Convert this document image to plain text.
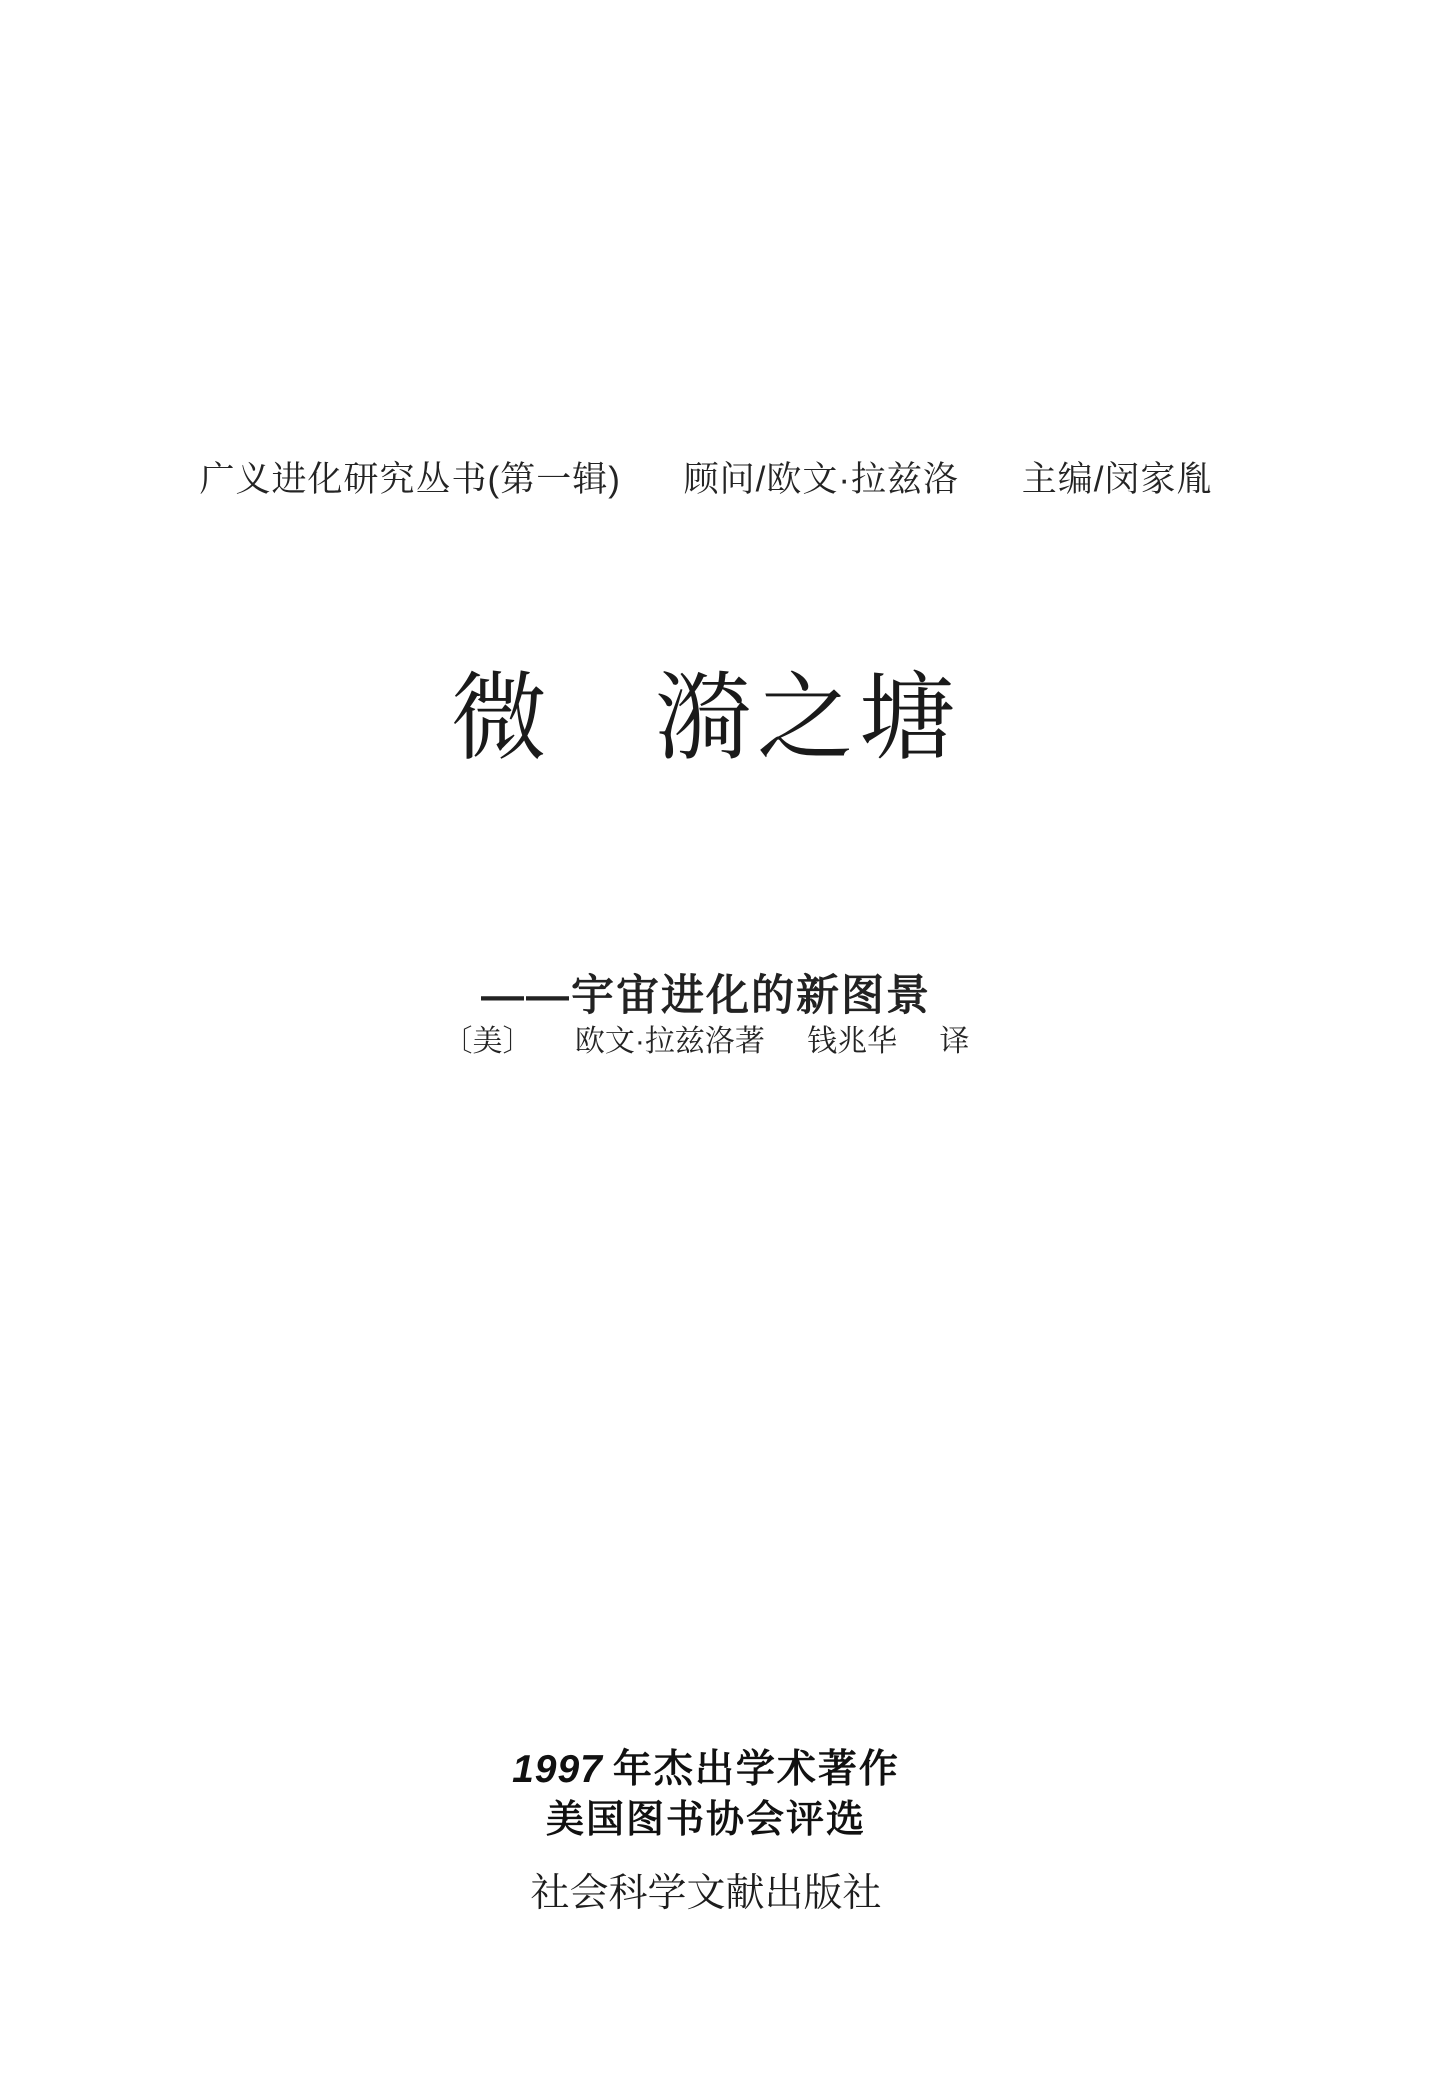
广义进化研究丛书(第一辑) 顾问/欧文·拉兹洛 主编/闵家胤
微　漪之塘
——宇宙进化的新图景
〔美〕 欧文·拉兹洛著 钱兆华 译
1997 年杰出学术著作
美国图书协会评选
社会科学文献出版社
